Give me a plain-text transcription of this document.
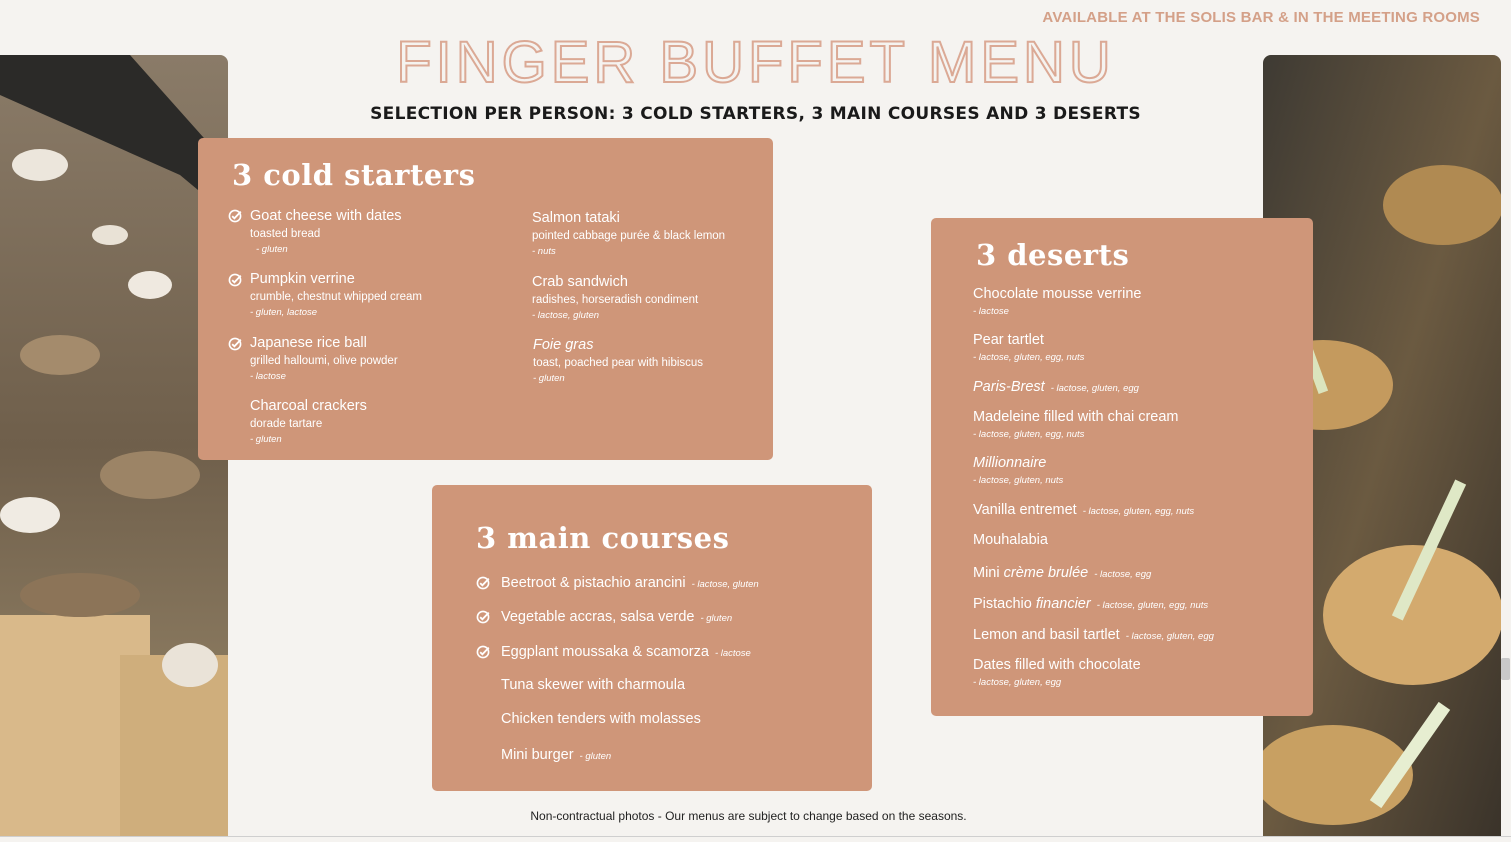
AVAILABLE AT THE SOLIS BAR & IN THE MEETING ROOMS
FINGER BUFFET MENU
SELECTION PER PERSON: 3 COLD STARTERS, 3 MAIN COURSES AND 3 DESERTS
3 cold starters
Goat cheese with dates
toasted bread
- gluten
Pumpkin verrine
crumble, chestnut whipped cream
- gluten, lactose
Japanese rice ball
grilled halloumi, olive powder
- lactose
Charcoal crackers
dorade tartare
- gluten
Salmon tataki
pointed cabbage purée & black lemon
- nuts
Crab sandwich
radishes, horseradish condiment
- lactose, gluten
Foie gras
toast, poached pear with hibiscus
- gluten
3 main courses
Beetroot & pistachio arancini - lactose, gluten
Vegetable accras, salsa verde - gluten
Eggplant moussaka & scamorza - lactose
Tuna skewer with charmoula
Chicken tenders with molasses
Mini burger - gluten
3 deserts
Chocolate mousse verrine
- lactose
Pear tartlet
- lactose, gluten, egg, nuts
Paris-Brest - lactose, gluten, egg
Madeleine filled with chai cream
- lactose, gluten, egg, nuts
Millionnaire
- lactose, gluten, nuts
Vanilla entremet - lactose, gluten, egg, nuts
Mouhalabia
Mini crème brulée - lactose, egg
Pistachio financier - lactose, gluten, egg, nuts
Lemon and basil tartlet - lactose, gluten, egg
Dates filled with chocolate
- lactose, gluten, egg
Non-contractual photos - Our menus are subject to change based on the seasons.
